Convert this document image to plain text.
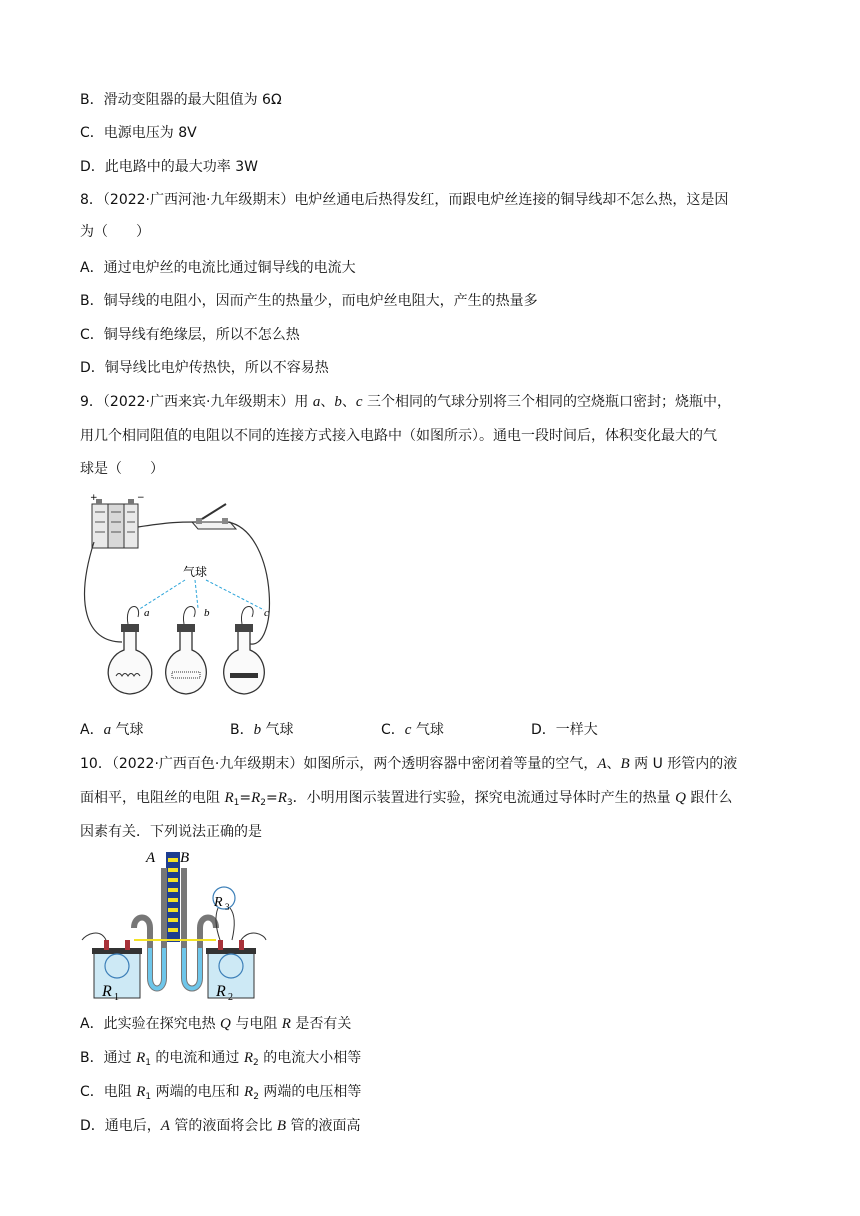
B．滑动变阻器的最大阻值为 6Ω
C．电源电压为 8V
D．此电路中的最大功率 3W
8．（2022·广西河池·九年级期末）电炉丝通电后热得发红，而跟电炉丝连接的铜导线却不怎么热，这是因
为（　　）
A．通过电炉丝的电流比通过铜导线的电流大
B．铜导线的电阻小，因而产生的热量少，而电炉丝电阻大，产生的热量多
C．铜导线有绝缘层，所以不怎么热
D．铜导线比电炉传热快，所以不容易热
9．（2022·广西来宾·九年级期末）用 a、b、c 三个相同的气球分别将三个相同的空烧瓶口密封；烧瓶中，
用几个相同阻值的电阻以不同的连接方式接入电路中（如图所示）。通电一段时间后，体积变化最大的气
球是（　　）
+	−
气球
a	b	c
A．a 气球	B．b 气球	C．c 气球	D．一样大
10．（2022·广西百色·九年级期末）如图所示，两个透明容器中密闭着等量的空气，A、B 两 U 形管内的液
面相平，电阻丝的电阻 $R_1=R_2=R_3$．小明用图示装置进行实验，探究电流通过导体时产生的热量 Q 跟什么
因素有关．下列说法正确的是
A B
R 1	R 2
R 3
A．此实验在探究电热 Q 与电阻 R 是否有关
B．通过 $R_1$ 的电流和通过 $R_2$ 的电流大小相等
C．电阻 $R_1$ 两端的电压和 $R_2$ 两端的电压相等
D．通电后，A 管的液面将会比 B 管的液面高
